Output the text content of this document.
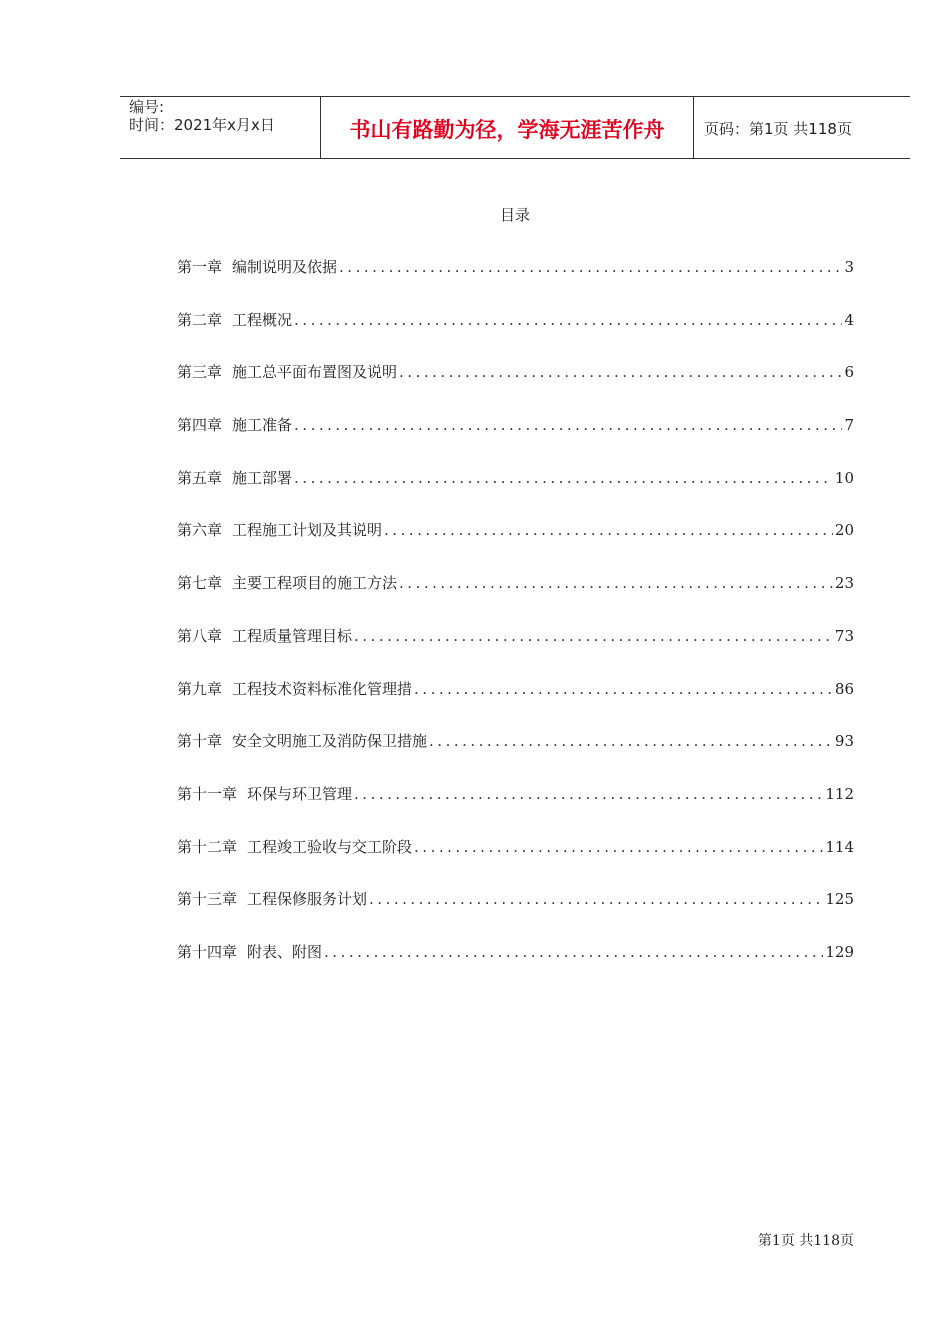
编号:
时间：2021年x月x日	书山有路勤为径，学海无涯苦作舟	页码：第1页 共118页
目录
第一章 编制说明及依据 .....	3
第二章 工程概况 .....	4
第三章 施工总平面布置图及说明 .....	6
第四章 施工准备 .....	7
第五章 施工部署 .....	10
第六章 工程施工计划及其说明 .....	20
第七章 主要工程项目的施工方法 .....	23
第八章 工程质量管理目标 .....	73
第九章 工程技术资料标准化管理措 .....	86
第十章 安全文明施工及消防保卫措施 .....	93
第十一章 环保与环卫管理 .....	112
第十二章 工程竣工验收与交工阶段 .....	114
第十三章 工程保修服务计划 .....	125
第十四章 附表、附图 .....	129
第1页 共118页
